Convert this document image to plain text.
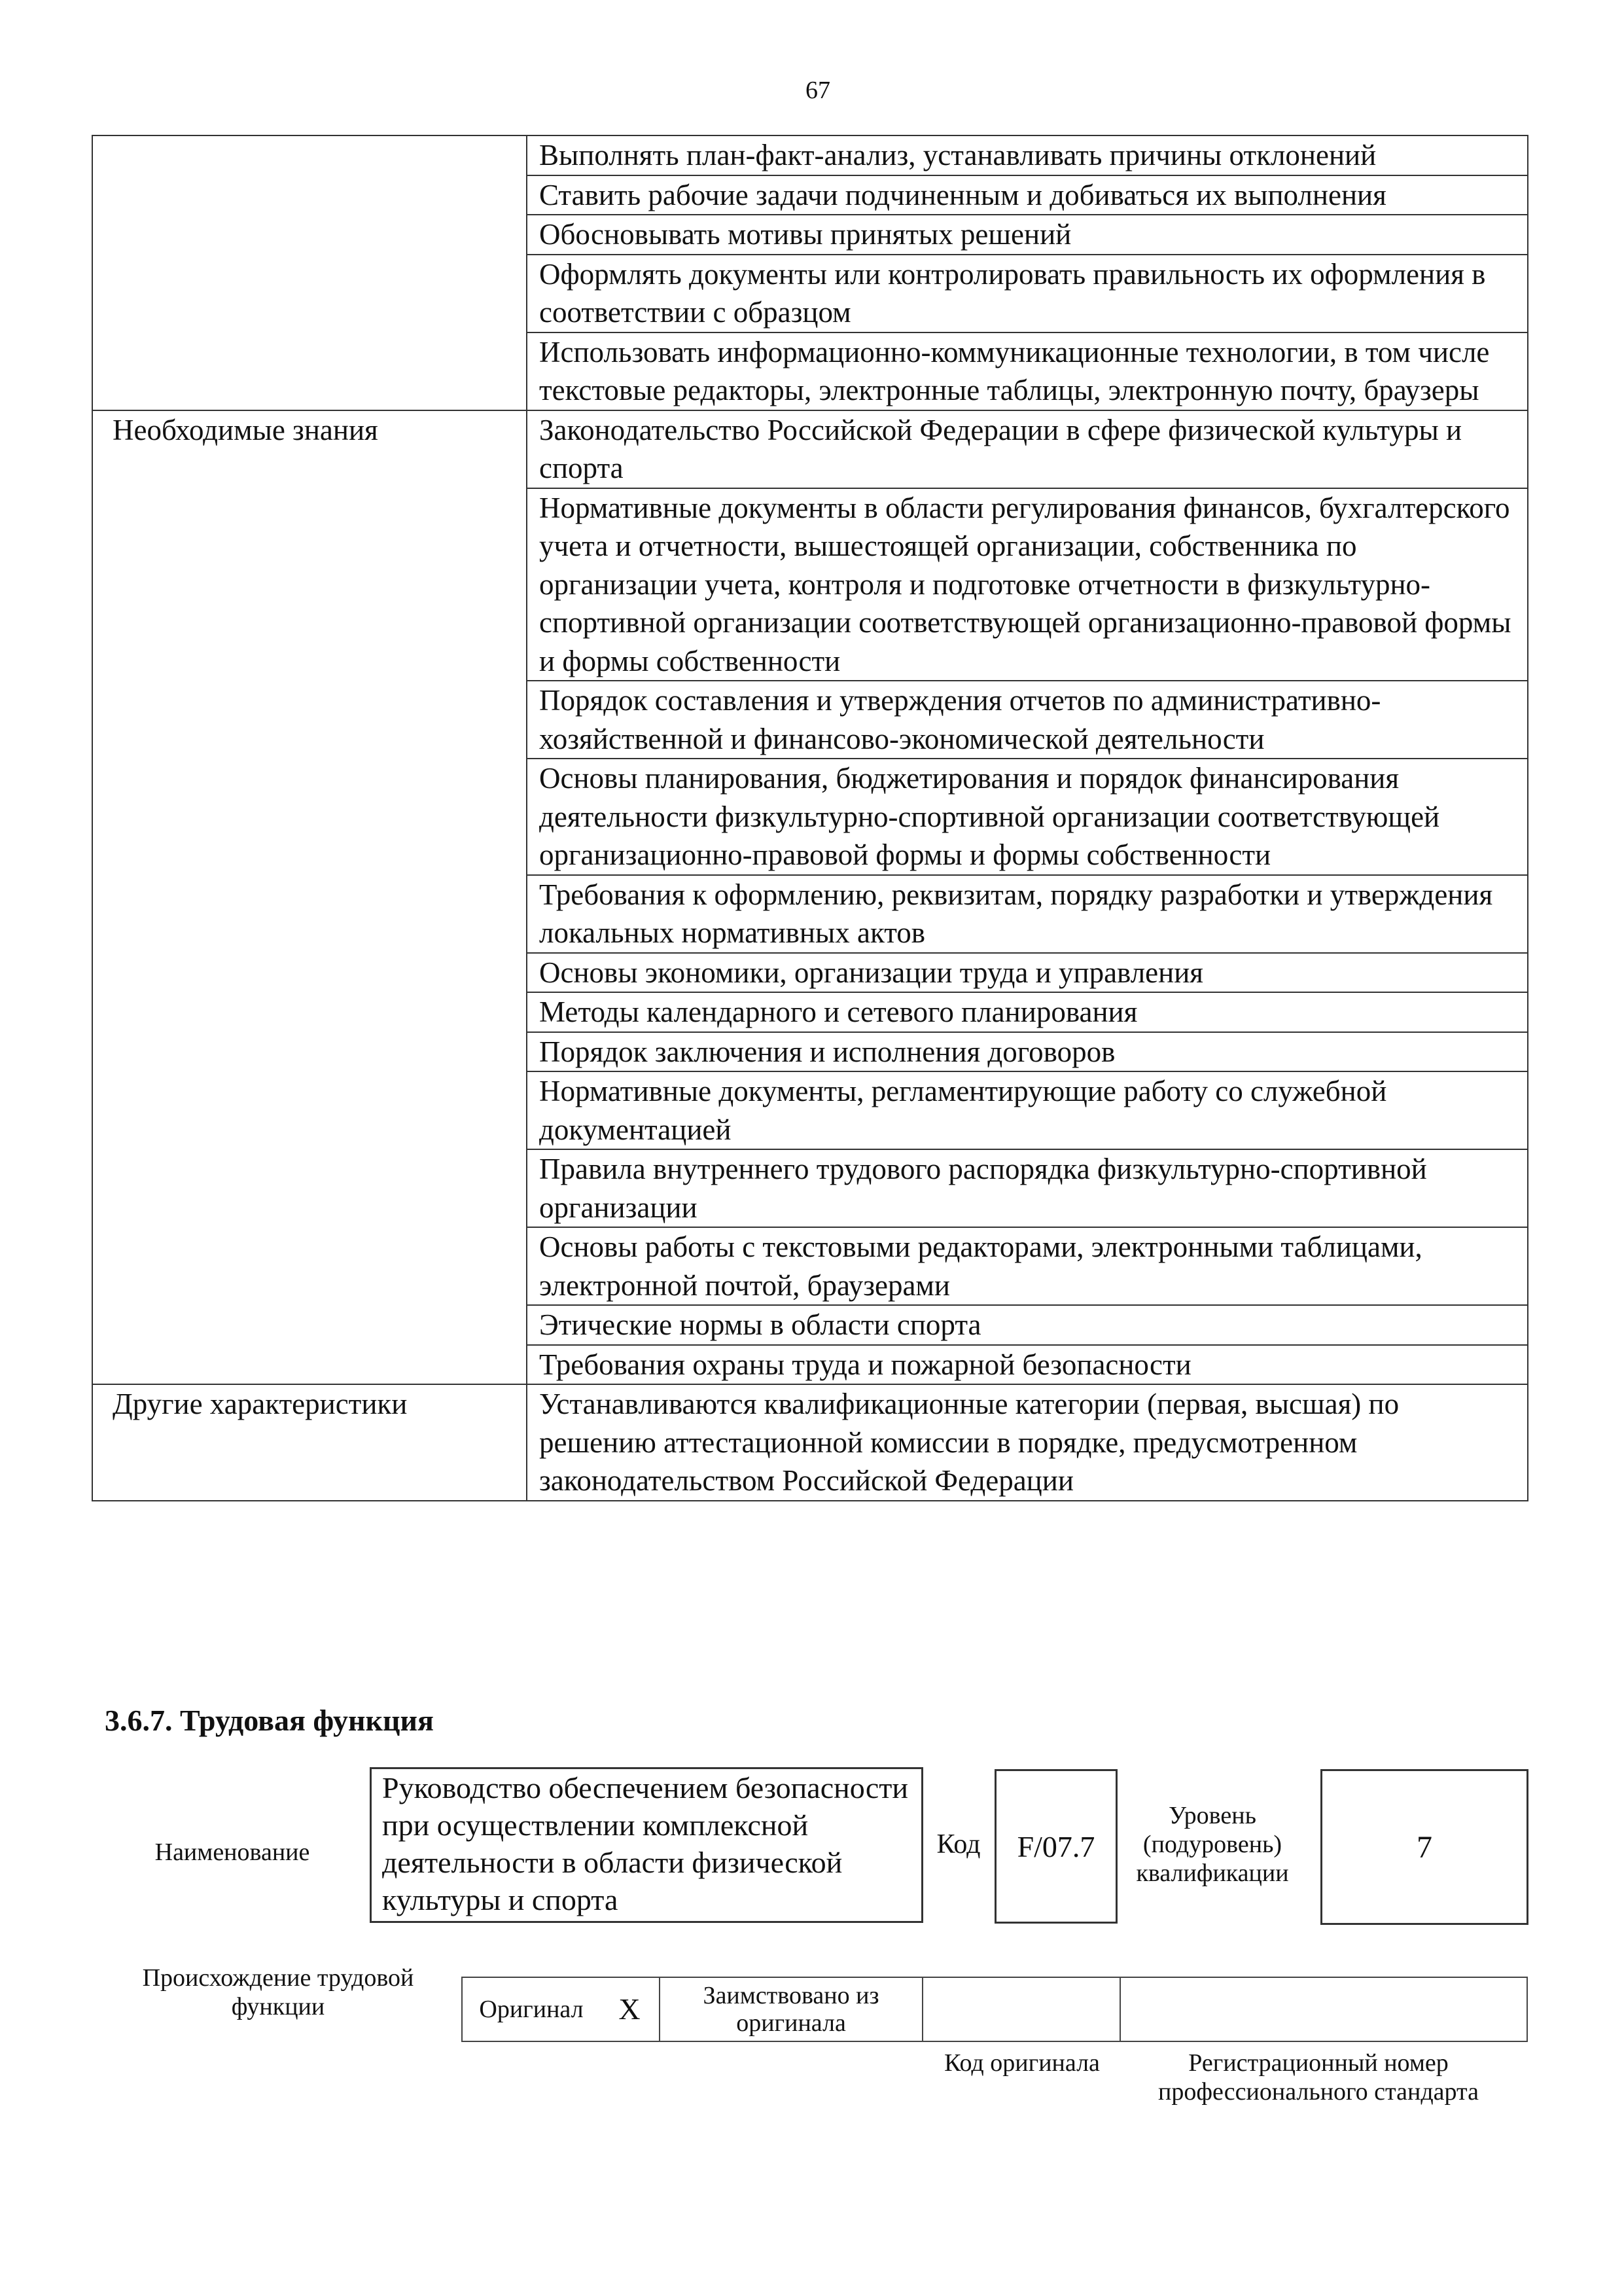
67
	Выполнять план-факт-анализ, устанавливать причины отклонений
	Ставить рабочие задачи подчиненным и добиваться их выполнения
	Обосновывать мотивы принятых решений
	Оформлять документы или контролировать правильность их оформления в соответствии с образцом
	Использовать информационно-коммуникационные технологии, в том числе текстовые редакторы, электронные таблицы, электронную почту, браузеры
Необходимые знания	Законодательство Российской Федерации в сфере физической культуры и спорта
	Нормативные документы в области регулирования финансов, бухгалтерского учета и отчетности, вышестоящей организации, собственника по организации учета, контроля и подготовке отчетности в физкультурно-спортивной организации соответствующей организационно-правовой формы и формы собственности
	Порядок составления и утверждения отчетов по административно-хозяйственной и финансово-экономической деятельности
	Основы планирования, бюджетирования и порядок финансирования деятельности физкультурно-спортивной организации соответствующей организационно-правовой формы и формы собственности
	Требования к оформлению, реквизитам, порядку разработки и утверждения локальных нормативных актов
	Основы экономики, организации труда и управления
	Методы календарного и сетевого планирования
	Порядок заключения и исполнения договоров
	Нормативные документы, регламентирующие работу со служебной документацией
	Правила внутреннего трудового распорядка физкультурно-спортивной организации
	Основы работы с текстовыми редакторами, электронными таблицами, электронной почтой, браузерами
	Этические нормы в области спорта
	Требования охраны труда и пожарной безопасности
Другие характеристики	Устанавливаются квалификационные категории (первая, высшая) по решению аттестационной комиссии в порядке, предусмотренном законодательством Российской Федерации
3.6.7. Трудовая функция
Наименование
Руководство обеспечением безопасности при осуществлении комплексной деятельности в области физической культуры и спорта
Код	F/07.7
Уровень (подуровень) квалификации
7
Происхождение трудовой функции	Оригинал	X	Заимствовано из оригинала		
Код оригинала	Регистрационный номер профессионального стандарта
